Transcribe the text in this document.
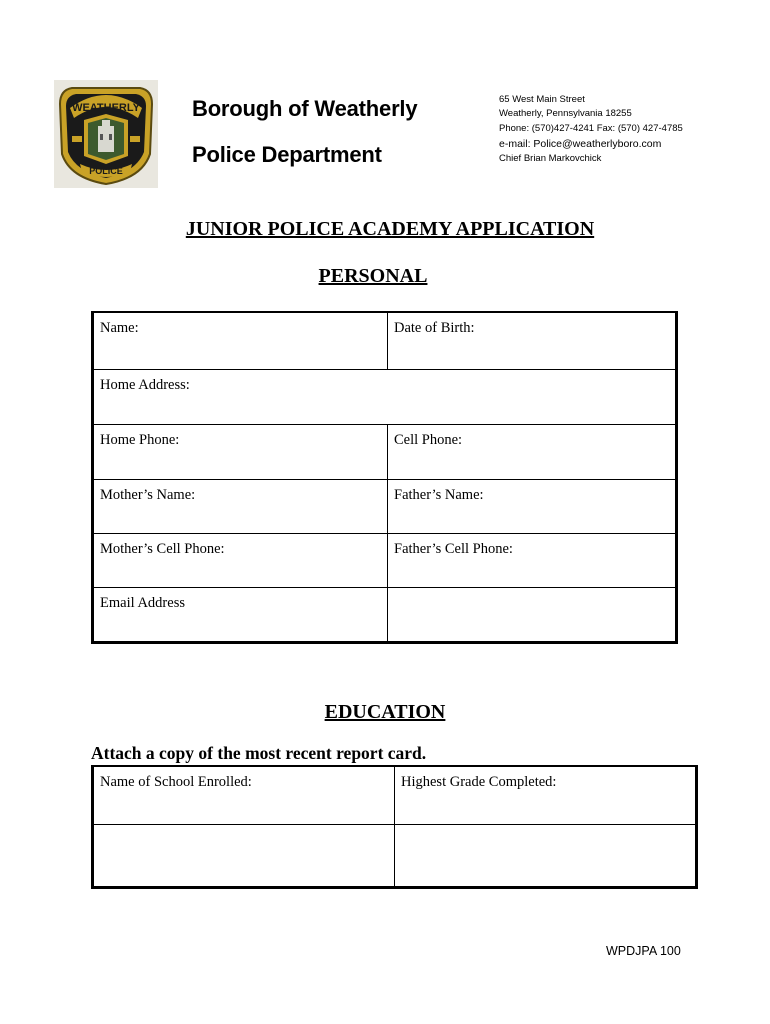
WEATHERLY
POLICE
Borough of Weatherly
Police Department
65 West Main Street
Weatherly, Pennsylvania 18255
Phone: (570)427-4241 Fax: (570) 427-4785
e-mail: Police@weatherlyboro.com
Chief Brian Markovchick
JUNIOR POLICE ACADEMY APPLICATION
PERSONAL
Name:	Date of Birth:
Home Address:
Home Phone:	Cell Phone:
Mother’s Name:	Father’s Name:
Mother’s Cell Phone:	Father’s Cell Phone:
Email Address
EDUCATION
Attach a copy of the most recent report card.
Name of School Enrolled:	Highest Grade Completed:
WPDJPA 100
